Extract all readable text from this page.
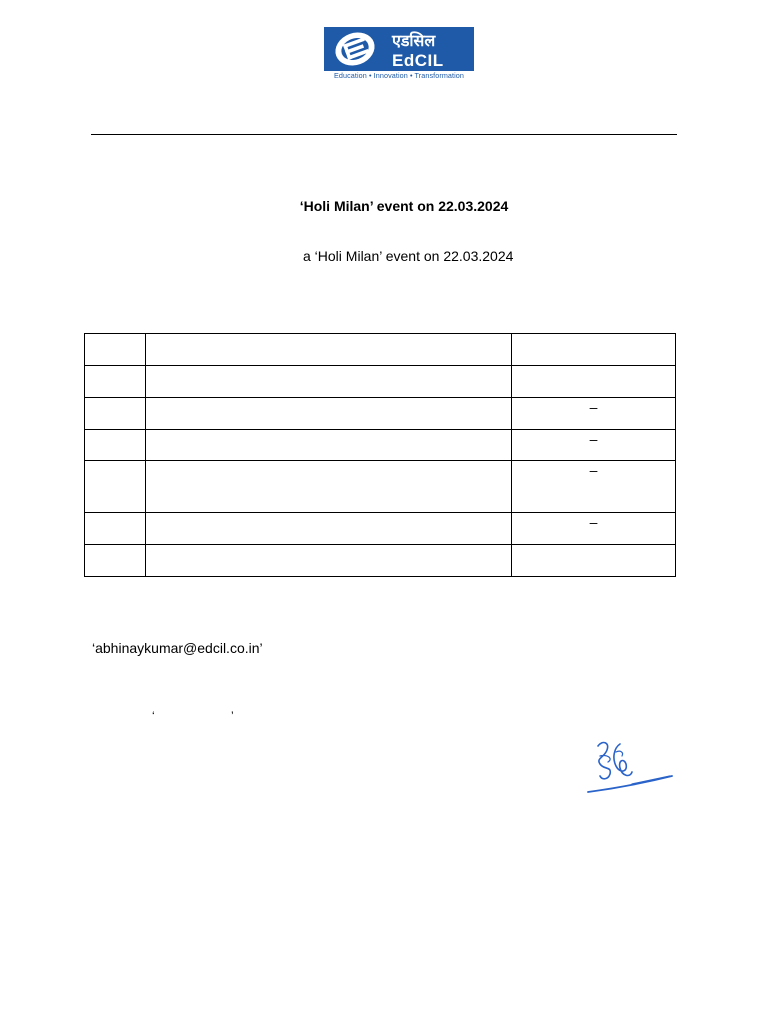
एडसिल
EdCIL
Education • Innovation • Transformation
‘Holi Milan’ event on 22.03.2024
a ‘Holi Milan’ event on 22.03.2024

		–

		–

		–

		–

‘abhinaykumar@edcil.co.in’
‘	’
